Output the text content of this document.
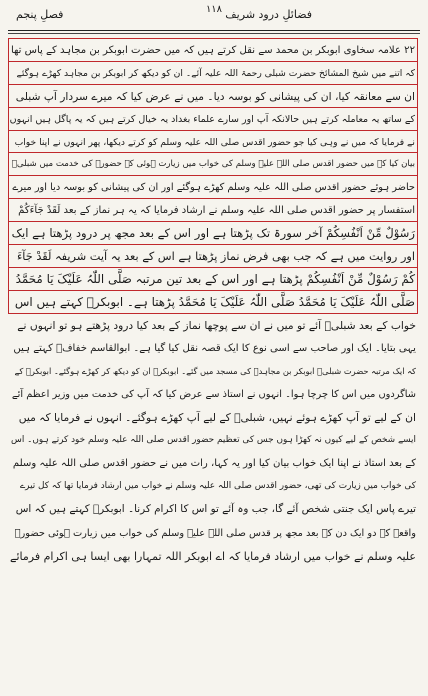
فصلِ پنجم	۱۱۸ فضائلِ درود شریف
۲۲ علامہ سخاوی ابوبکر بن محمد سے نقل کرتے ہیں کہ میں حضرت ابوبکر بن مجاہد کے پاس تھا
کہ اتنے میں شیخ المشائخ حضرت شبلی رحمۃ اللہ علیہ آئے۔ ان کو دیکھ کر ابوبکر بن مجاہد کھڑے ہوگئے
ان سے معانقہ کیا، ان کی پیشانی کو بوسہ دیا۔ میں نے عرض کیا کہ میرے سردار آپ شبلی
کے ساتھ یہ معاملہ کرتے ہیں حالانکہ آپ اور سارے علماء بغداد یہ خیال کرتے ہیں کہ یہ پاگل ہیں انہوں
نے فرمایا کہ میں نے وہی کیا جو حضور اقدس صلی اللہ علیہ وسلم کو کرتے دیکھا، پھر انہوں نے اپنا خواب
بیان کیا کہ میں حضور اقدس صلی اللہ علیہ وسلم کی خواب میں زیارت ہوئی کہ حضورؐ کی خدمت میں شبلیؒ
حاضر ہوئے حضور اقدس صلی اللہ علیہ وسلم کھڑے ہوگئے اور ان کی پیشانی کو بوسہ دیا اور میرے
استفسار پر حضور اقدس صلی اللہ علیہ وسلم نے ارشاد فرمایا کہ یہ ہر نماز کے بعد لَقَدْ جَآءَکُمْ
رَسُوْلٌ مِّنْ اَنْفُسِکُمْ آخر سورۃ تک پڑھتا ہے اور اس کے بعد مجھ پر درود پڑھتا ہے ایک
اور روایت میں ہے کہ جب بھی فرض نماز پڑھتا ہے اس کے بعد یہ آیت شریفہ لَقَدْ جَآءَ
کُمْ رَسُوْلٌ مِّنْ اَنْفُسِکُمْ پڑھتا ہے اور اس کے بعد تین مرتبہ صَلَّی اللّٰہُ عَلَیْکَ یَا مُحَمَّدُ
صَلَّی اللّٰہُ عَلَیْکَ یَا مُحَمَّدُ صَلَّی اللّٰہُ عَلَیْکَ یَا مُحَمَّدُ پڑھتا ہے۔ ابوبکرؒ کہتے ہیں اس
خواب کے بعد شبلیؒ آئے تو میں نے ان سے پوچھا نماز کے بعد کیا درود پڑھتے ہو تو انہوں نے
یہی بتایا۔ ایک اور صاحب سے اسی نوع کا ایک قصہ نقل کیا گیا ہے۔ ابوالقاسم خفافؒ کہتے ہیں
کہ ایک مرتبہ حضرت شبلیؒ ابوبکر بن مجاہدؒ کی مسجد میں گئے۔ ابوبکرؒ ان کو دیکھ کر کھڑے ہوگئے۔ ابوبکرؒ کے
شاگردوں میں اس کا چرچا ہوا۔ انہوں نے استاذ سے عرض کیا کہ آپ کی خدمت میں وزیر اعظم آئے
ان کے لیے تو آپ کھڑے ہوئے نہیں، شبلیؒ کے لیے آپ کھڑے ہوگئے۔ انہوں نے فرمایا کہ میں
ایسے شخص کے لیے کیوں نہ کھڑا ہوں جس کی تعظیم حضور اقدس صلی اللہ علیہ وسلم خود کرتے ہوں۔ اس
کے بعد استاذ نے اپنا ایک خواب بیان کیا اور یہ کہا، رات میں نے حضور اقدس صلی اللہ علیہ وسلم
کی خواب میں زیارت کی تھی، حضور اقدس صلی اللہ علیہ وسلم نے خواب میں ارشاد فرمایا تھا کہ کل تیرے
تیرے پاس ایک جنتی شخص آئے گا، جب وہ آئے تو اس کا اکرام کرنا۔ ابوبکرؒ کہتے ہیں کہ اس
واقعہ کے دو ایک دن کے بعد مجھ پر قدس صلی اللہ علیہ وسلم کی خواب میں زیارت ہوئی حضورؐ
علیہ وسلم نے خواب میں ارشاد فرمایا کہ اے ابوبکر اللہ تمہارا بھی ایسا ہی اکرام فرمائے
